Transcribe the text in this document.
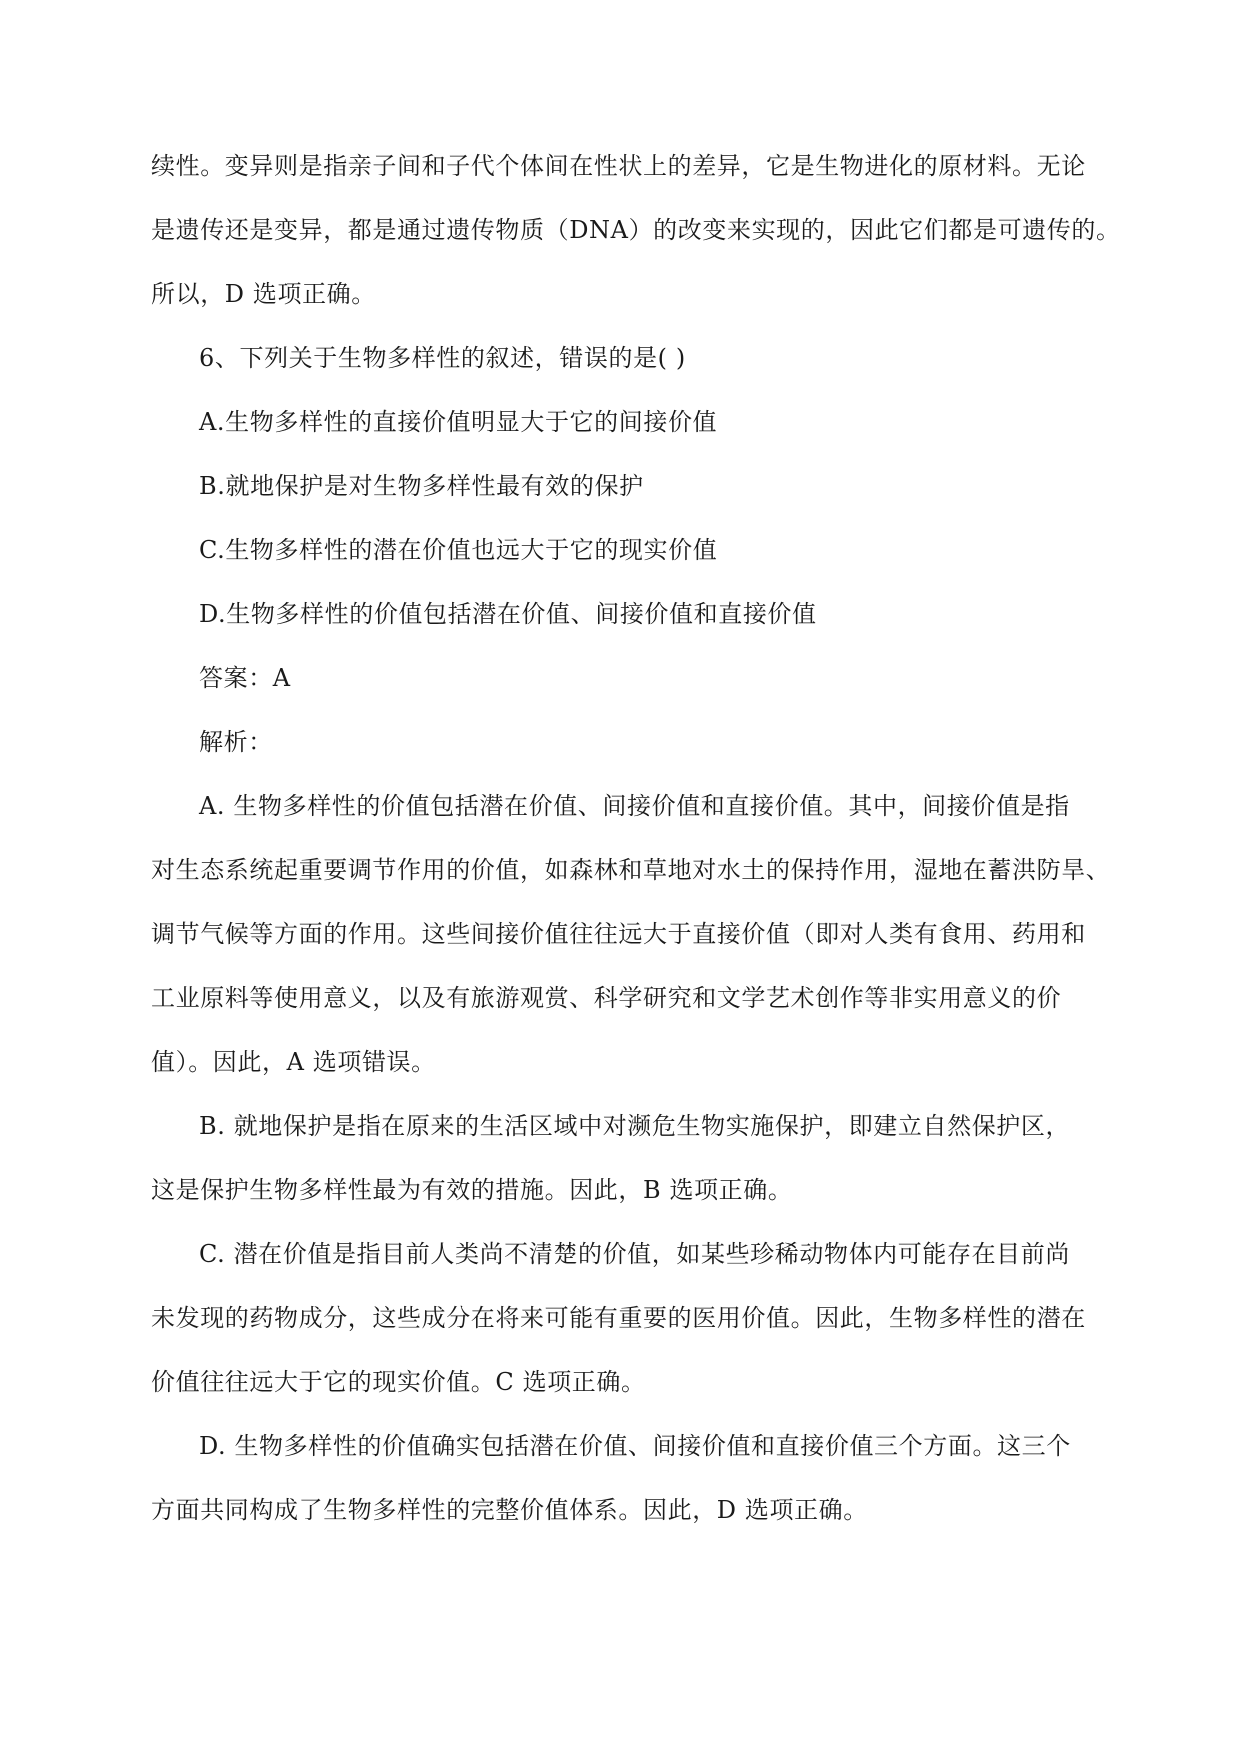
续性。变异则是指亲子间和子代个体间在性状上的差异，它是生物进化的原材料。无论
是遗传还是变异，都是通过遗传物质（DNA）的改变来实现的，因此它们都是可遗传的。
所以，D 选项正确。
6、下列关于生物多样性的叙述，错误的是( )
A.生物多样性的直接价值明显大于它的间接价值
B.就地保护是对生物多样性最有效的保护
C.生物多样性的潜在价值也远大于它的现实价值
D.生物多样性的价值包括潜在价值、间接价值和直接价值
答案：A
解析：
A. 生物多样性的价值包括潜在价值、间接价值和直接价值。其中，间接价值是指
对生态系统起重要调节作用的价值，如森林和草地对水土的保持作用，湿地在蓄洪防旱、
调节气候等方面的作用。这些间接价值往往远大于直接价值（即对人类有食用、药用和
工业原料等使用意义，以及有旅游观赏、科学研究和文学艺术创作等非实用意义的价
值）。因此，A 选项错误。
B. 就地保护是指在原来的生活区域中对濒危生物实施保护，即建立自然保护区，
这是保护生物多样性最为有效的措施。因此，B 选项正确。
C. 潜在价值是指目前人类尚不清楚的价值，如某些珍稀动物体内可能存在目前尚
未发现的药物成分，这些成分在将来可能有重要的医用价值。因此，生物多样性的潜在
价值往往远大于它的现实价值。C 选项正确。
D. 生物多样性的价值确实包括潜在价值、间接价值和直接价值三个方面。这三个
方面共同构成了生物多样性的完整价值体系。因此，D 选项正确。
